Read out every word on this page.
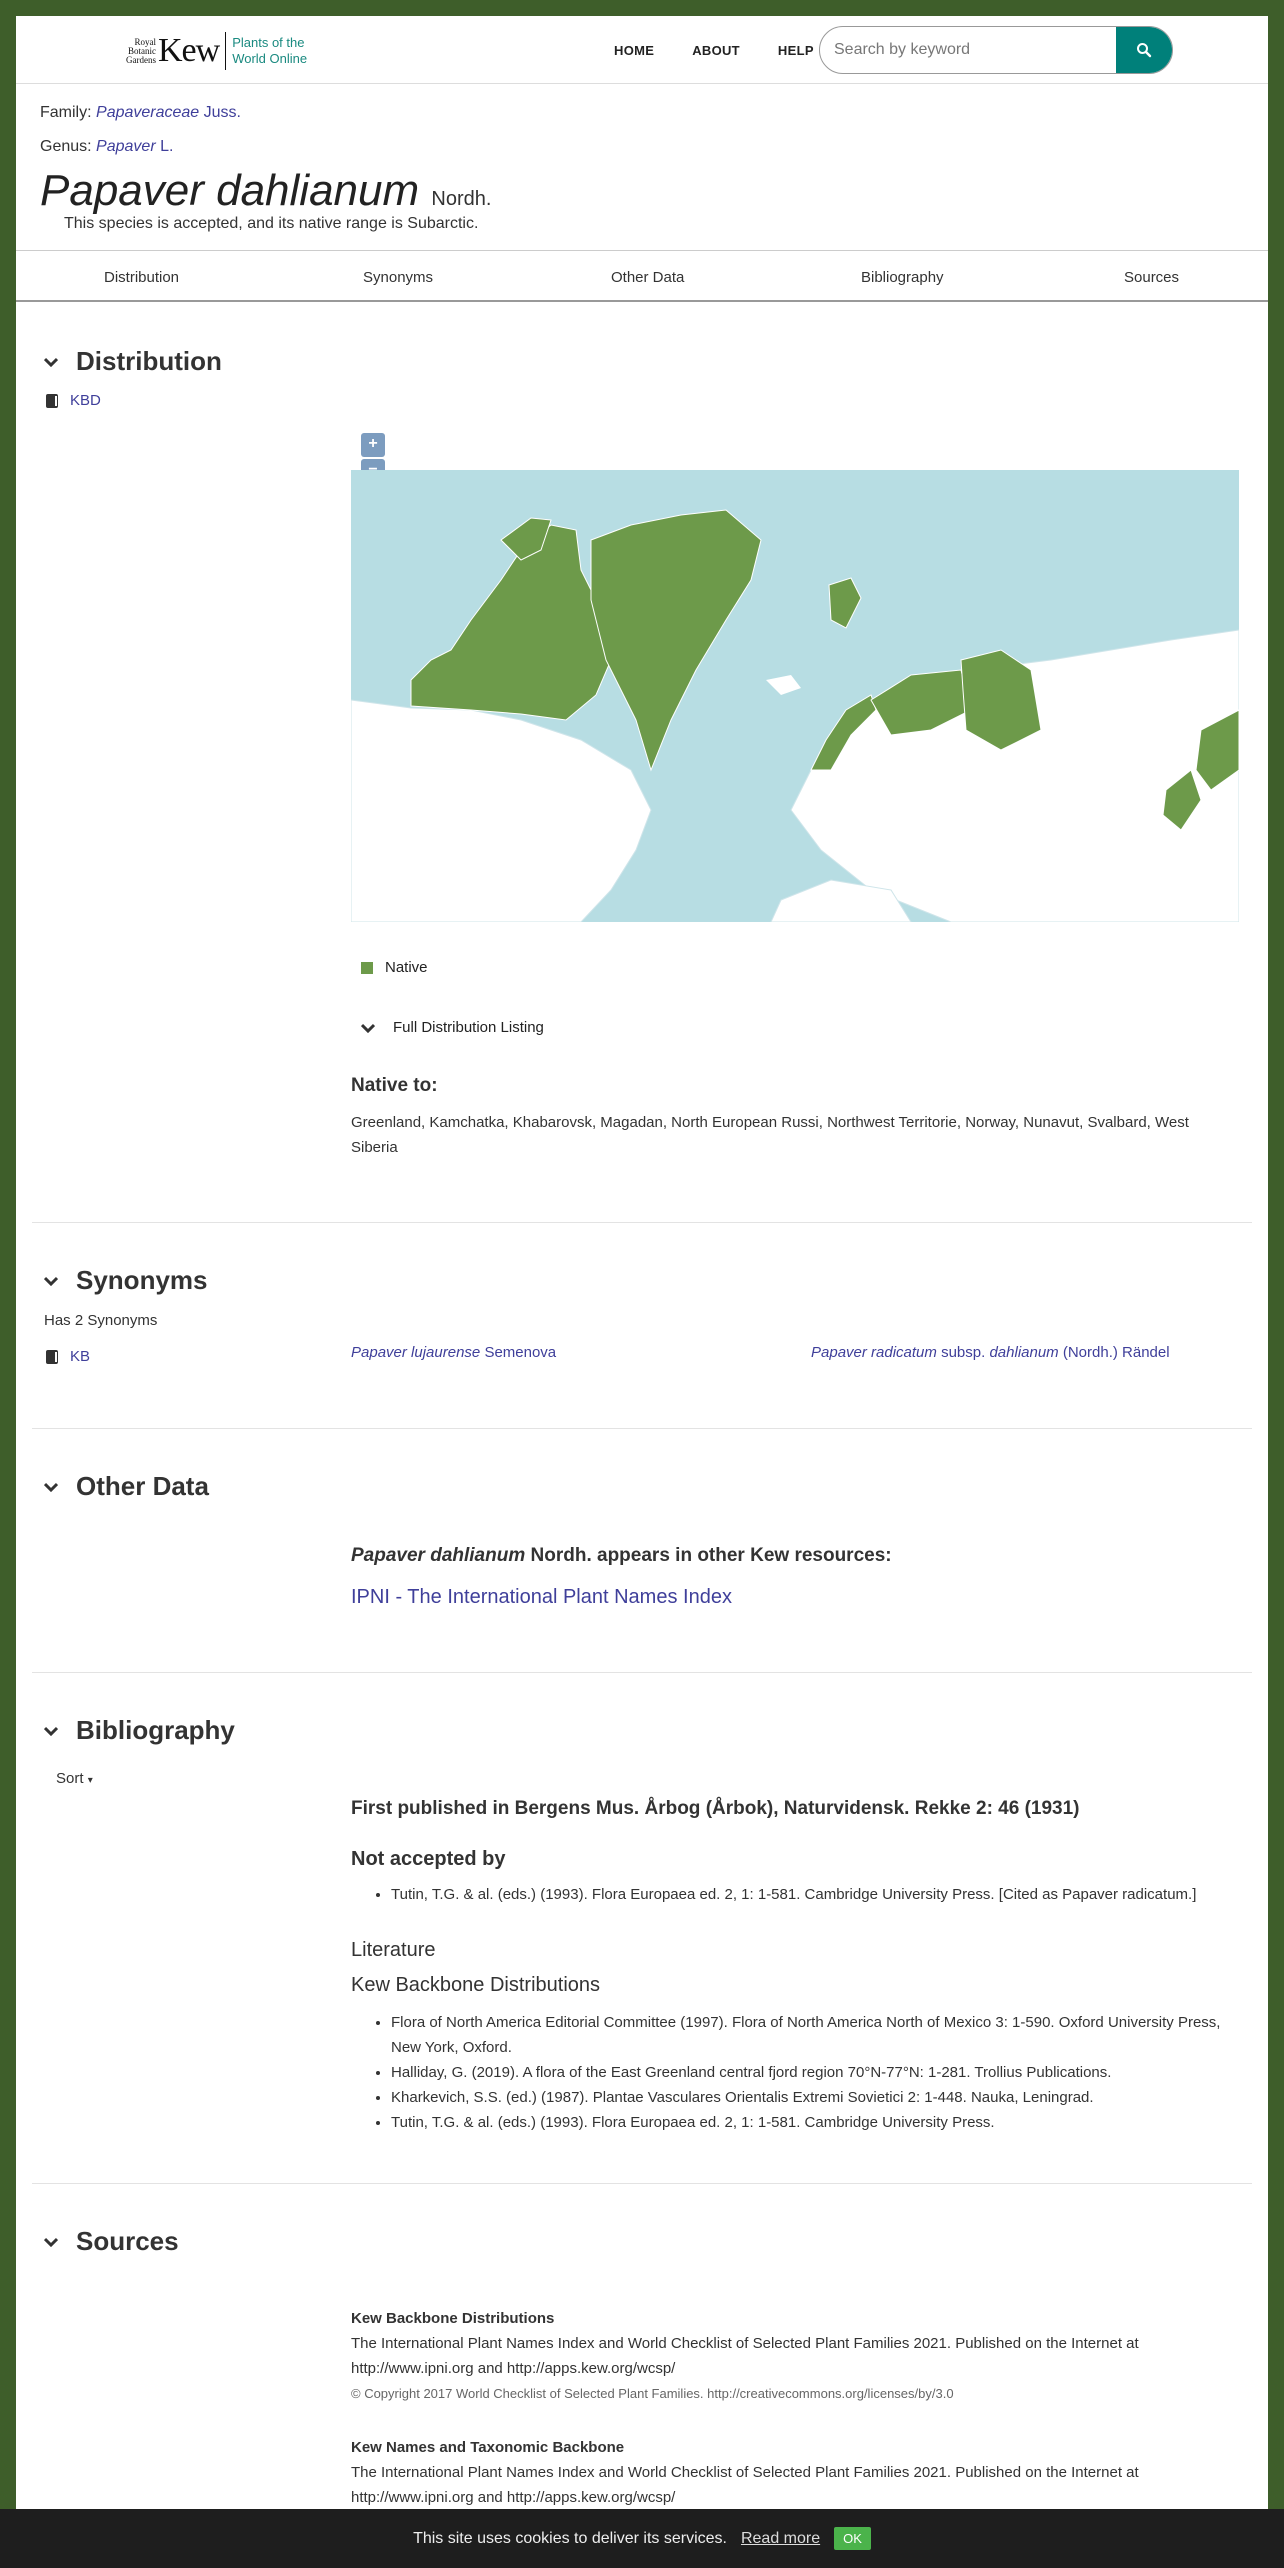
Royal
Botanic
Gardens Kew Plants of the
World Online
HOME	ABOUT	HELP
Search by keyword
Family: Papaveraceae Juss.
Genus: Papaver L.
Papaver dahlianum Nordh.
This species is accepted, and its native range is Subarctic.
Distribution	Synonyms	Other Data	Bibliography	Sources
Distribution
KBD
+
Native
Full Distribution Listing
Native to:
Greenland, Kamchatka, Khabarovsk, Magadan, North European Russi, Northwest Territorie, Norway, Nunavut, Svalbard, West Siberia
Synonyms
Has 2 Synonyms
KB	Papaver lujaurense Semenova	Papaver radicatum subsp. dahlianum (Nordh.) Rändel
Other Data
Papaver dahlianum Nordh. appears in other Kew resources:
IPNI - The International Plant Names Index
Bibliography
Sort ▾
First published in Bergens Mus. Årbog (Årbok), Naturvidensk. Rekke 2: 46 (1931)
Not accepted by
• Tutin, T.G. & al. (eds.) (1993). Flora Europaea ed. 2, 1: 1-581. Cambridge University Press. [Cited as Papaver radicatum.]
Literature
Kew Backbone Distributions
• Flora of North America Editorial Committee (1997). Flora of North America North of Mexico 3: 1-590. Oxford University Press, New York, Oxford.
• Halliday, G. (2019). A flora of the East Greenland central fjord region 70°N-77°N: 1-281. Trollius Publications.
• Kharkevich, S.S. (ed.) (1987). Plantae Vasculares Orientalis Extremi Sovietici 2: 1-448. Nauka, Leningrad.
• Tutin, T.G. & al. (eds.) (1993). Flora Europaea ed. 2, 1: 1-581. Cambridge University Press.
Sources
Kew Backbone Distributions
The International Plant Names Index and World Checklist of Selected Plant Families 2021. Published on the Internet at http://www.ipni.org and http://apps.kew.org/wcsp/
© Copyright 2017 World Checklist of Selected Plant Families. http://creativecommons.org/licenses/by/3.0
Kew Names and Taxonomic Backbone
The International Plant Names Index and World Checklist of Selected Plant Families 2021. Published on the Internet at http://www.ipni.org and http://apps.kew.org/wcsp/
This site uses cookies to deliver its services. Read more	OK
